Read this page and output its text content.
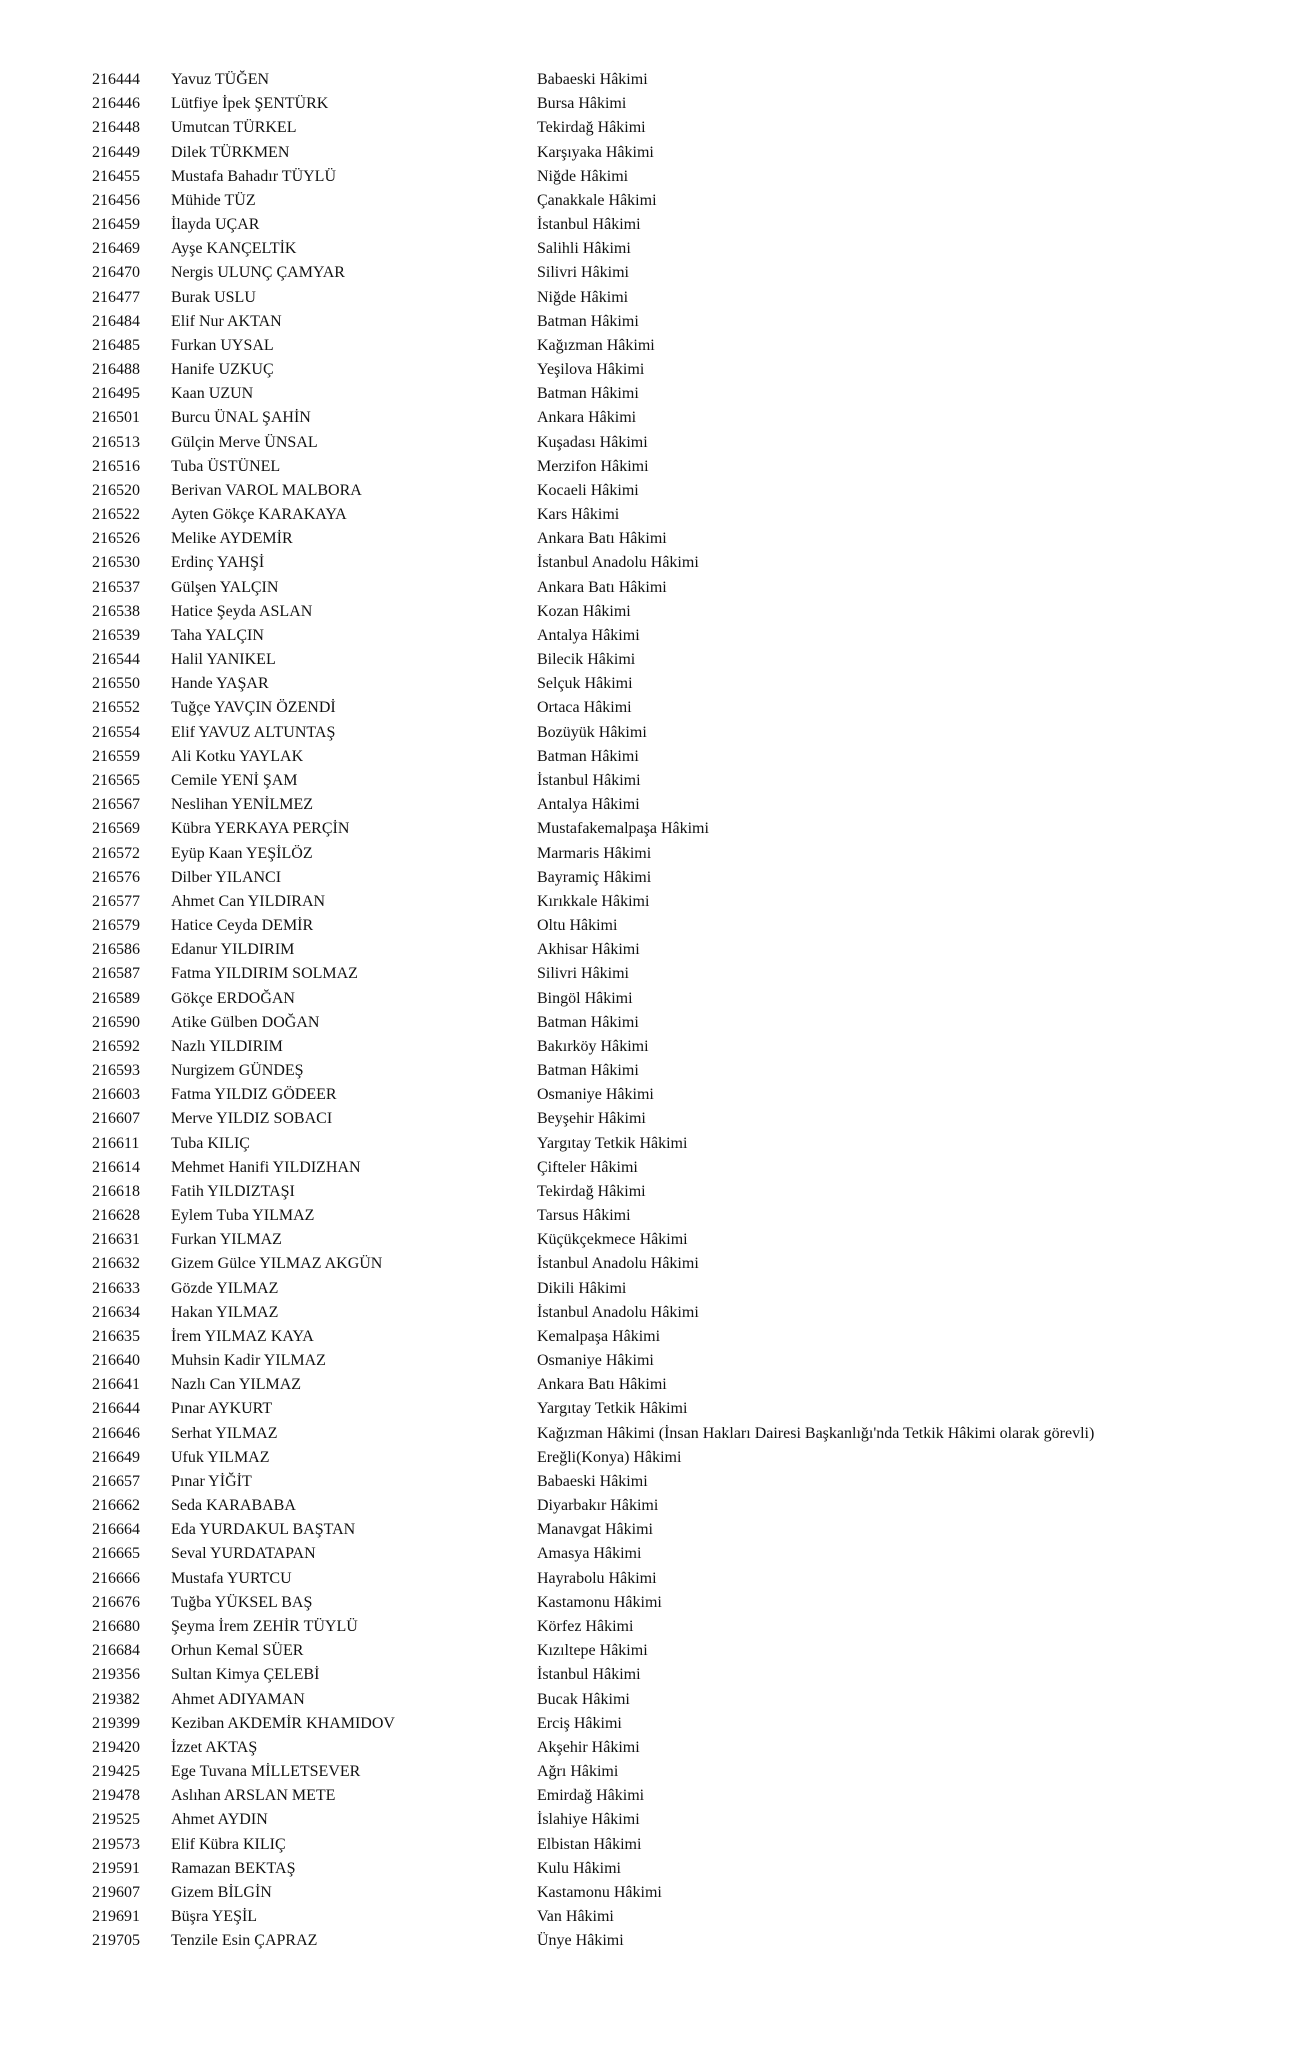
216444 Yavuz TÜĞEN	Babaeski Hâkimi
216446 Lütfiye İpek ŞENTÜRK	Bursa Hâkimi
216448 Umutcan TÜRKEL	Tekirdağ Hâkimi
216449 Dilek TÜRKMEN	Karşıyaka Hâkimi
216455 Mustafa Bahadır TÜYLÜ	Niğde Hâkimi
216456 Mühide TÜZ	Çanakkale Hâkimi
216459 İlayda UÇAR	İstanbul Hâkimi
216469 Ayşe KANÇELTİK	Salihli Hâkimi
216470 Nergis ULUNÇ ÇAMYAR	Silivri Hâkimi
216477 Burak USLU	Niğde Hâkimi
216484 Elif Nur AKTAN	Batman Hâkimi
216485 Furkan UYSAL	Kağızman Hâkimi
216488 Hanife UZKUÇ	Yeşilova Hâkimi
216495 Kaan UZUN	Batman Hâkimi
216501 Burcu ÜNAL ŞAHİN	Ankara Hâkimi
216513 Gülçin Merve ÜNSAL	Kuşadası Hâkimi
216516 Tuba ÜSTÜNEL	Merzifon Hâkimi
216520 Berivan VAROL MALBORA	Kocaeli Hâkimi
216522 Ayten Gökçe KARAKAYA	Kars Hâkimi
216526 Melike AYDEMİR	Ankara Batı Hâkimi
216530 Erdinç YAHŞİ	İstanbul Anadolu Hâkimi
216537 Gülşen YALÇIN	Ankara Batı Hâkimi
216538 Hatice Şeyda ASLAN	Kozan Hâkimi
216539 Taha YALÇIN	Antalya Hâkimi
216544 Halil YANIKEL	Bilecik Hâkimi
216550 Hande YAŞAR	Selçuk Hâkimi
216552 Tuğçe YAVÇIN ÖZENDİ	Ortaca Hâkimi
216554 Elif YAVUZ ALTUNTAŞ	Bozüyük Hâkimi
216559 Ali Kotku YAYLAK	Batman Hâkimi
216565 Cemile YENİ ŞAM	İstanbul Hâkimi
216567 Neslihan YENİLMEZ	Antalya Hâkimi
216569 Kübra YERKAYA PERÇİN	Mustafakemalpaşa Hâkimi
216572 Eyüp Kaan YEŞİLÖZ	Marmaris Hâkimi
216576 Dilber YILANCI	Bayramiç Hâkimi
216577 Ahmet Can YILDIRAN	Kırıkkale Hâkimi
216579 Hatice Ceyda DEMİR	Oltu Hâkimi
216586 Edanur YILDIRIM	Akhisar Hâkimi
216587 Fatma YILDIRIM SOLMAZ	Silivri Hâkimi
216589 Gökçe ERDOĞAN	Bingöl Hâkimi
216590 Atike Gülben DOĞAN	Batman Hâkimi
216592 Nazlı YILDIRIM	Bakırköy Hâkimi
216593 Nurgizem GÜNDEŞ	Batman Hâkimi
216603 Fatma YILDIZ GÖDEER	Osmaniye Hâkimi
216607 Merve YILDIZ SOBACI	Beyşehir Hâkimi
216611 Tuba KILIÇ	Yargıtay Tetkik Hâkimi
216614 Mehmet Hanifi YILDIZHAN	Çifteler Hâkimi
216618 Fatih YILDIZTAŞI	Tekirdağ Hâkimi
216628 Eylem Tuba YILMAZ	Tarsus Hâkimi
216631 Furkan YILMAZ	Küçükçekmece Hâkimi
216632 Gizem Gülce YILMAZ AKGÜN	İstanbul Anadolu Hâkimi
216633 Gözde YILMAZ	Dikili Hâkimi
216634 Hakan YILMAZ	İstanbul Anadolu Hâkimi
216635 İrem YILMAZ KAYA	Kemalpaşa Hâkimi
216640 Muhsin Kadir YILMAZ	Osmaniye Hâkimi
216641 Nazlı Can YILMAZ	Ankara Batı Hâkimi
216644 Pınar AYKURT	Yargıtay Tetkik Hâkimi
216646 Serhat YILMAZ	Kağızman Hâkimi (İnsan Hakları Dairesi Başkanlığı'nda Tetkik Hâkimi olarak görevli)
216649 Ufuk YILMAZ	Ereğli(Konya) Hâkimi
216657 Pınar YİĞİT	Babaeski Hâkimi
216662 Seda KARABABA	Diyarbakır Hâkimi
216664 Eda YURDAKUL BAŞTAN	Manavgat Hâkimi
216665 Seval YURDATAPAN	Amasya Hâkimi
216666 Mustafa YURTCU	Hayrabolu Hâkimi
216676 Tuğba YÜKSEL BAŞ	Kastamonu Hâkimi
216680 Şeyma İrem ZEHİR TÜYLÜ	Körfez Hâkimi
216684 Orhun Kemal SÜER	Kızıltepe Hâkimi
219356 Sultan Kimya ÇELEBİ	İstanbul Hâkimi
219382 Ahmet ADIYAMAN	Bucak Hâkimi
219399 Keziban AKDEMİR KHAMIDOV	Erciş Hâkimi
219420 İzzet AKTAŞ	Akşehir Hâkimi
219425 Ege Tuvana MİLLETSEVER	Ağrı Hâkimi
219478 Aslıhan ARSLAN METE	Emirdağ Hâkimi
219525 Ahmet AYDIN	İslahiye Hâkimi
219573 Elif Kübra KILIÇ	Elbistan Hâkimi
219591 Ramazan BEKTAŞ	Kulu Hâkimi
219607 Gizem BİLGİN	Kastamonu Hâkimi
219691 Büşra YEŞİL	Van Hâkimi
219705 Tenzile Esin ÇAPRAZ	Ünye Hâkimi
